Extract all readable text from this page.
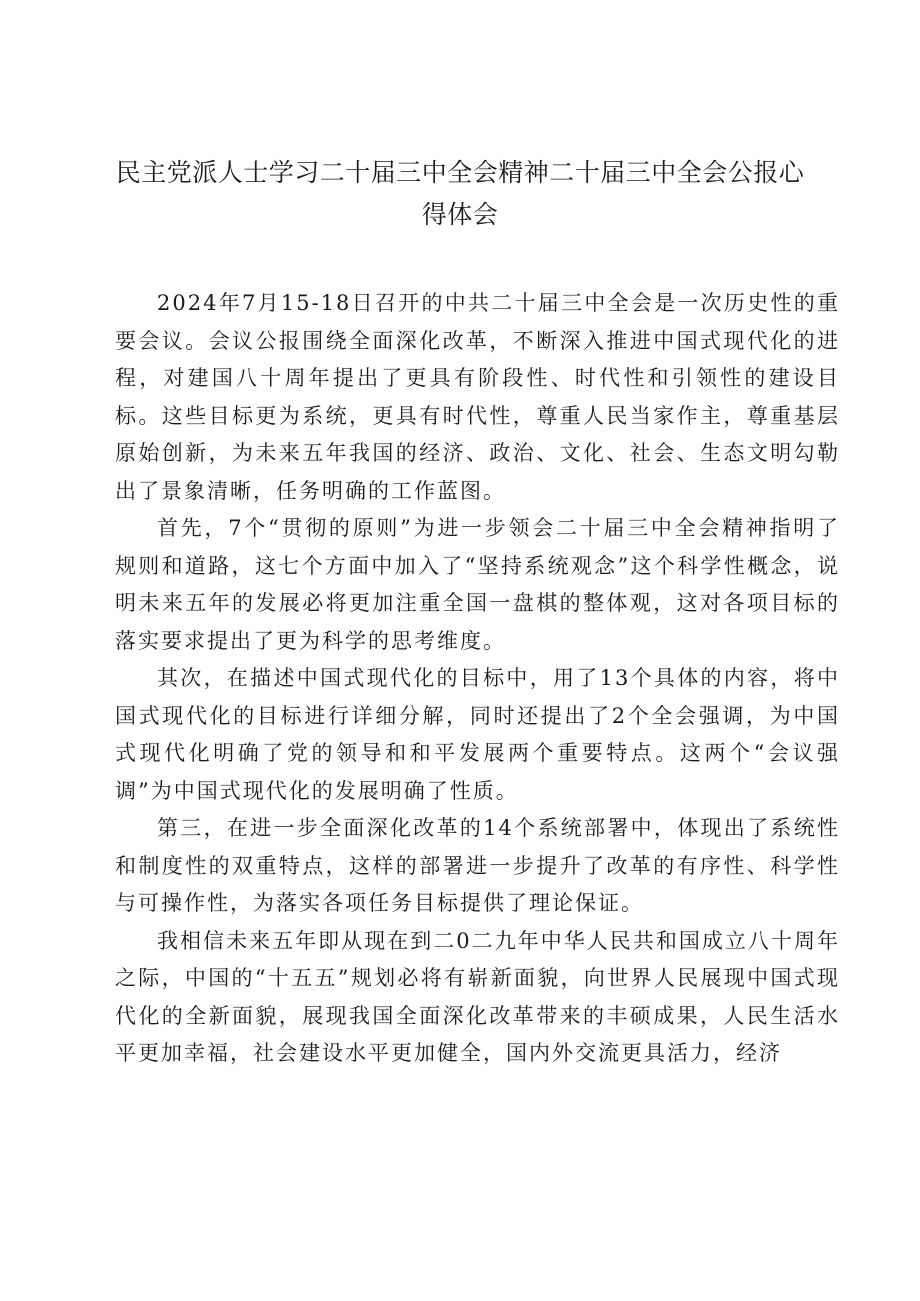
民主党派人士学习二十届三中全会精神二十届三中全会公报心得体会

2024年7月15-18日召开的中共二十届三中全会是一次历史性的重要会议。会议公报围绕全面深化改革，不断深入推进中国式现代化的进程，对建国八十周年提出了更具有阶段性、时代性和引领性的建设目标。这些目标更为系统，更具有时代性，尊重人民当家作主，尊重基层原始创新，为未来五年我国的经济、政治、文化、社会、生态文明勾勒出了景象清晰，任务明确的工作蓝图。

首先，7个“贯彻的原则”为进一步领会二十届三中全会精神指明了规则和道路，这七个方面中加入了“坚持系统观念”这个科学性概念，说明未来五年的发展必将更加注重全国一盘棋的整体观，这对各项目标的落实要求提出了更为科学的思考维度。

其次，在描述中国式现代化的目标中，用了13个具体的内容，将中国式现代化的目标进行详细分解，同时还提出了2个全会强调，为中国式现代化明确了党的领导和和平发展两个重要特点。这两个“会议强调”为中国式现代化的发展明确了性质。

第三，在进一步全面深化改革的14个系统部署中，体现出了系统性和制度性的双重特点，这样的部署进一步提升了改革的有序性、科学性与可操作性，为落实各项任务目标提供了理论保证。

我相信未来五年即从现在到二0二九年中华人民共和国成立八十周年之际，中国的“十五五”规划必将有崭新面貌，向世界人民展现中国式现代化的全新面貌，展现我国全面深化改革带来的丰硕成果，人民生活水平更加幸福，社会建设水平更加健全，国内外交流更具活力，经济
